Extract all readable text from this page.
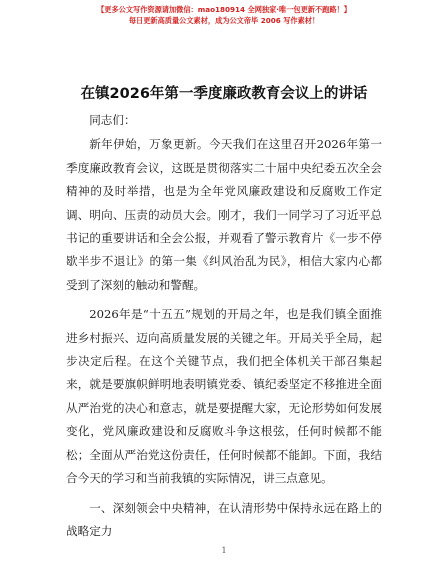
【更多公文写作资源请加微信：mao180914 全网独家·唯一包更新不跑路！】
每日更新高质量公文素材，成为公文帝毕 2006 写作素材！
在镇2026年第一季度廉政教育会议上的讲话

同志们：

新年伊始，万象更新。今天我们在这里召开2026年第一季度廉政教育会议，这既是贯彻落实二十届中央纪委五次全会精神的及时举措，也是为全年党风廉政建设和反腐败工作定调、明向、压责的动员大会。刚才，我们一同学习了习近平总书记的重要讲话和全会公报，并观看了警示教育片《一步不停歇半步不退让》的第一集《纠风治乱为民》，相信大家内心都受到了深刻的触动和警醒。

2026年是“十五五”规划的开局之年，也是我们镇全面推进乡村振兴、迈向高质量发展的关键之年。开局关乎全局，起步决定后程。在这个关键节点，我们把全体机关干部召集起来，就是要旗帜鲜明地表明镇党委、镇纪委坚定不移推进全面从严治党的决心和意志，就是要提醒大家，无论形势如何发展变化，党风廉政建设和反腐败斗争这根弦，任何时候都不能松；全面从严治党这份责任，任何时候都不能卸。下面，我结合今天的学习和当前我镇的实际情况，讲三点意见。

一、深刻领会中央精神，在认清形势中保持永远在路上的战略定力

1
